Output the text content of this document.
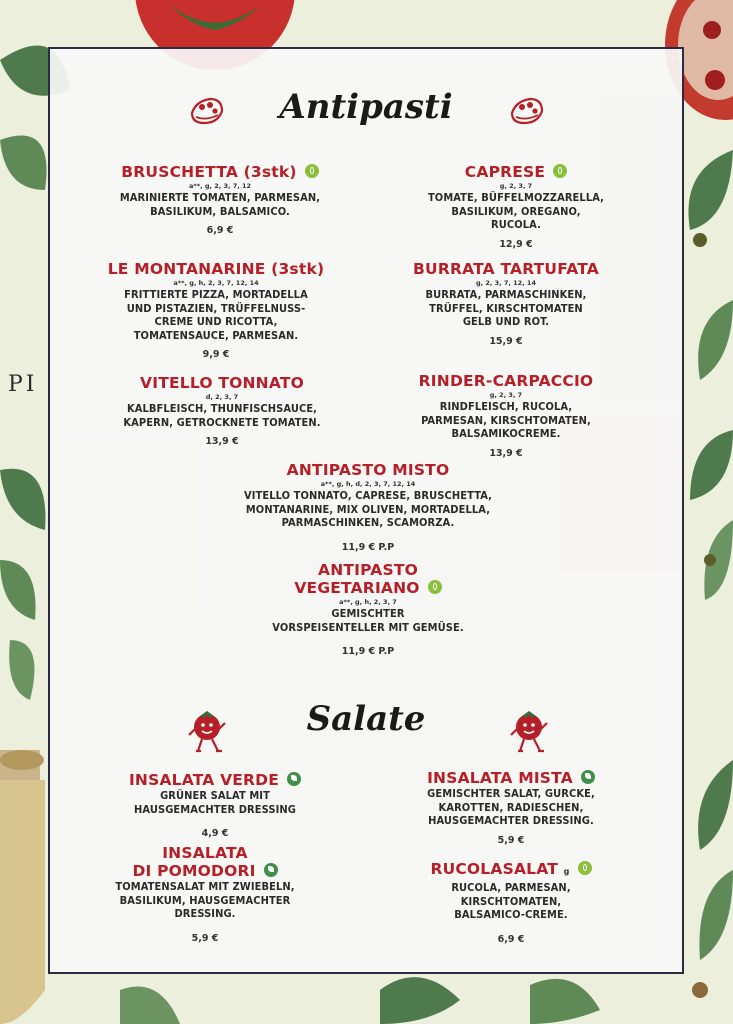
PI
Antipasti
BRUSCHETTA (3stk)
a**, g, 2, 3, 7, 12
MARINIERTE TOMATEN, PARMESAN,
BASILIKUM, BALSAMICO.
6,9 €
CAPRESE
g, 2, 3, 7
TOMATE, BÜFFELMOZZARELLA,
BASILIKUM, OREGANO,
RUCOLA.
12,9 €
LE MONTANARINE (3stk)
a**, g, h, 2, 3, 7, 12, 14
FRITTIERTE PIZZA, MORTADELLA
UND PISTAZIEN, TRÜFFELNUSS-
CREME UND RICOTTA,
TOMATENSAUCE, PARMESAN.
9,9 €
BURRATA TARTUFATA
g, 2, 3, 7, 12, 14
BURRATA, PARMASCHINKEN,
TRÜFFEL, KIRSCHTOMATEN
GELB UND ROT.
15,9 €
VITELLO TONNATO
d, 2, 3, 7
KALBFLEISCH, THUNFISCHSAUCE,
KAPERN, GETROCKNETE TOMATEN.
13,9 €
RINDER-CARPACCIO
g, 2, 3, 7
RINDFLEISCH, RUCOLA,
PARMESAN, KIRSCHTOMATEN,
BALSAMIKOCREME.
13,9 €
ANTIPASTO MISTO
a**, g, h, d, 2, 3, 7, 12, 14
VITELLO TONNATO, CAPRESE, BRUSCHETTA,
MONTANARINE, MIX OLIVEN, MORTADELLA,
PARMASCHINKEN, SCAMORZA.
11,9 € P.P
ANTIPASTO
VEGETARIANO
a**, g, h, 2, 3, 7
GEMISCHTER
VORSPEISENTELLER MIT GEMÜSE.
11,9 € P.P
Salate
INSALATA VERDE
GRÜNER SALAT MIT
HAUSGEMACHTER DRESSING
4,9 €
INSALATA MISTA
GEMISCHTER SALAT, GURCKE,
KAROTTEN, RADIESCHEN,
HAUSGEMACHTER DRESSING.
5,9 €
INSALATA
DI POMODORI
TOMATENSALAT MIT ZWIEBELN,
BASILIKUM, HAUSGEMACHTER
DRESSING.
5,9 €
RUCOLASALAT g
RUCOLA, PARMESAN,
KIRSCHTOMATEN,
BALSAMICO-CREME.
6,9 €
